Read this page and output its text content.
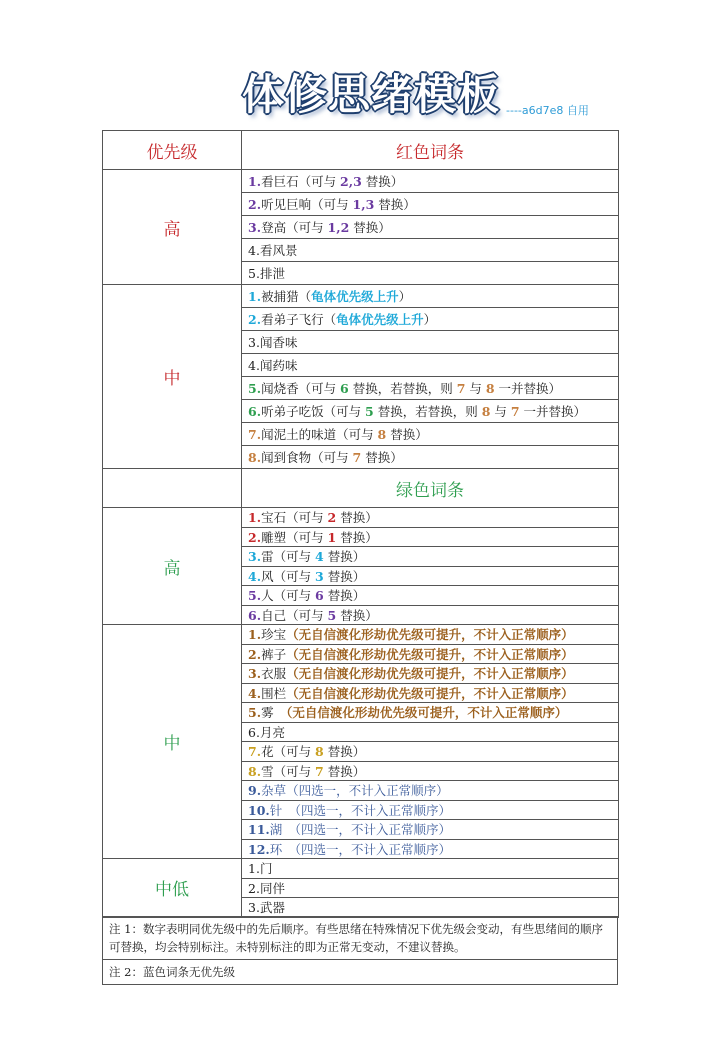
体修思绪模板 ----a6d7e8 自用
优先级	红色词条
高	1.看巨石（可与 2,3 替换）
	2.听见巨响（可与 1,3 替换）
	3.登高（可与 1,2 替换）
	4.看风景
	5.排泄
中	1.被捕猎（龟体优先级上升）
	2.看弟子飞行（龟体优先级上升）
	3.闻香味
	4.闻药味
	5.闻烧香（可与 6 替换，若替换，则 7 与 8 一并替换）
	6.听弟子吃饭（可与 5 替换，若替换，则 8 与 7 一并替换）
	7.闻泥土的味道（可与 8 替换）
	8.闻到食物（可与 7 替换）
	绿色词条
高	1.宝石（可与 2 替换）
	2.雕塑（可与 1 替换）
	3.雷（可与 4 替换）
	4.风（可与 3 替换）
	5.人（可与 6 替换）
	6.自己（可与 5 替换）
中	1.珍宝（无自信渡化形劫优先级可提升，不计入正常顺序）
	2.裤子（无自信渡化形劫优先级可提升，不计入正常顺序）
	3.衣服（无自信渡化形劫优先级可提升，不计入正常顺序）
	4.围栏（无自信渡化形劫优先级可提升，不计入正常顺序）
	5.雾　（无自信渡化形劫优先级可提升，不计入正常顺序）
	6.月亮
	7.花（可与 8 替换）
	8.雪（可与 7 替换）
	9.杂草（四选一，不计入正常顺序）
	10.针　（四选一，不计入正常顺序）
	11.湖　（四选一，不计入正常顺序）
	12.环　（四选一，不计入正常顺序）
中低	1.门
	2.同伴
	3.武器
注 1：数字表明同优先级中的先后顺序。有些思绪在特殊情况下优先级会变动，有些思绪间的顺序可替换，均会特别标注。未特别标注的即为正常无变动，不建议替换。
注 2：蓝色词条无优先级
